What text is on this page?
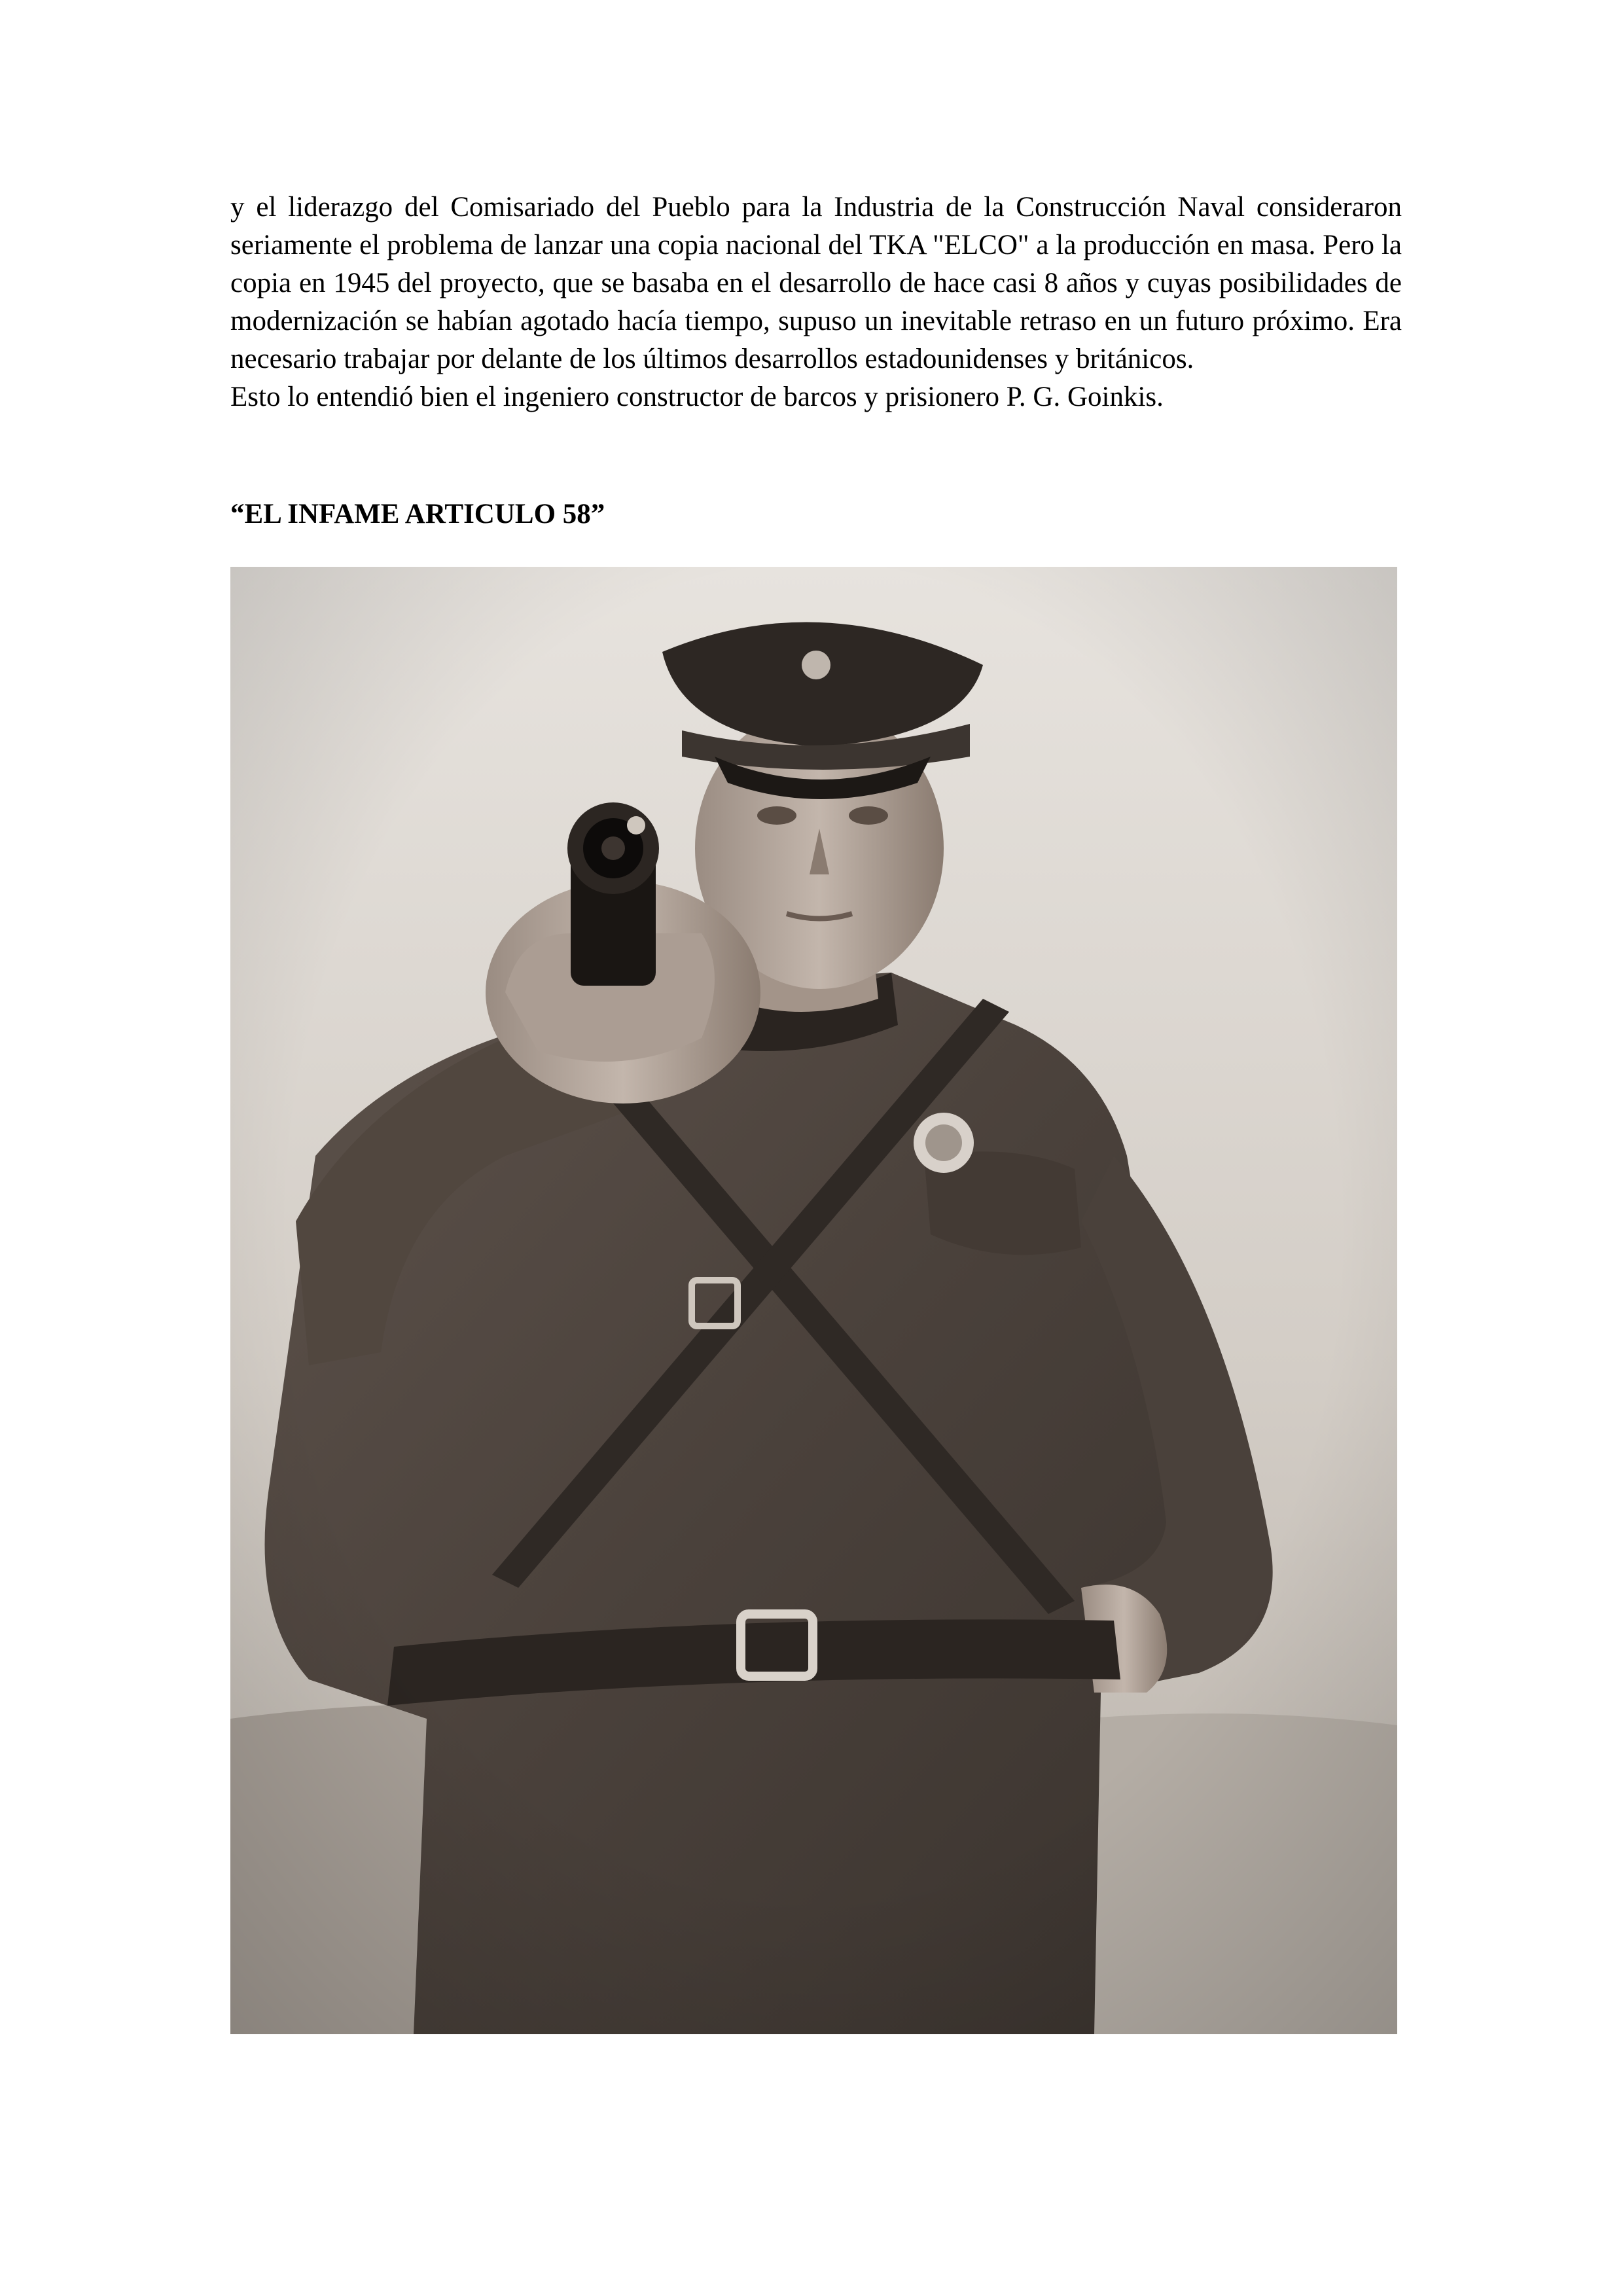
y el liderazgo del Comisariado del Pueblo para la Industria de la Construcción Naval consideraron seriamente el problema de lanzar una copia nacional del TKA "ELCO" a la producción en masa. Pero la copia en 1945 del proyecto, que se basaba en el desarrollo de hace casi 8 años y cuyas posibilidades de modernización se habían agotado hacía tiempo, supuso un inevitable retraso en un futuro próximo. Era necesario trabajar por delante de los últimos desarrollos estadounidenses y británicos.

Esto lo entendió bien el ingeniero constructor de barcos y prisionero P. G. Goinkis.

“EL INFAME ARTICULO 58”
